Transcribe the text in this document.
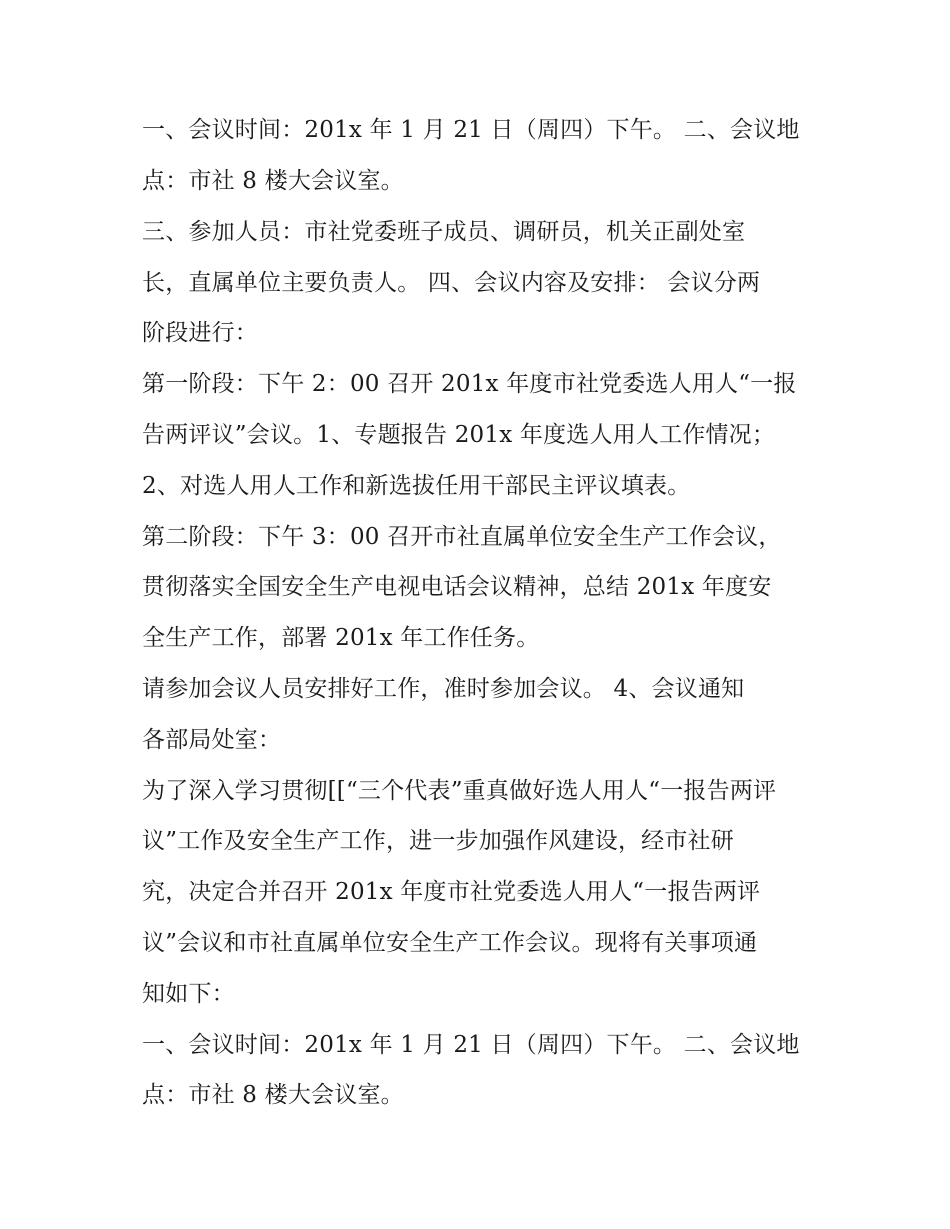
一、会议时间：201x 年 1 月 21 日（周四）下午。 二、会议地
点：市社 8 楼大会议室。
三、参加人员：市社党委班子成员、调研员，机关正副处室
长，直属单位主要负责人。 四、会议内容及安排： 会议分两
阶段进行：
第一阶段：下午 2：00 召开 201x 年度市社党委选人用人“一报
告两评议”会议。1、专题报告 201x 年度选人用人工作情况；
2、对选人用人工作和新选拔任用干部民主评议填表。
第二阶段：下午 3：00 召开市社直属单位安全生产工作会议，
贯彻落实全国安全生产电视电话会议精神，总结 201x 年度安
全生产工作，部署 201x 年工作任务。
请参加会议人员安排好工作，准时参加会议。 4、会议通知
各部局处室：
为了深入学习贯彻[[“三个代表”重真做好选人用人“一报告两评
议”工作及安全生产工作，进一步加强作风建设，经市社研
究，决定合并召开 201x 年度市社党委选人用人“一报告两评
议”会议和市社直属单位安全生产工作会议。现将有关事项通
知如下：
一、会议时间：201x 年 1 月 21 日（周四）下午。 二、会议地
点：市社 8 楼大会议室。
